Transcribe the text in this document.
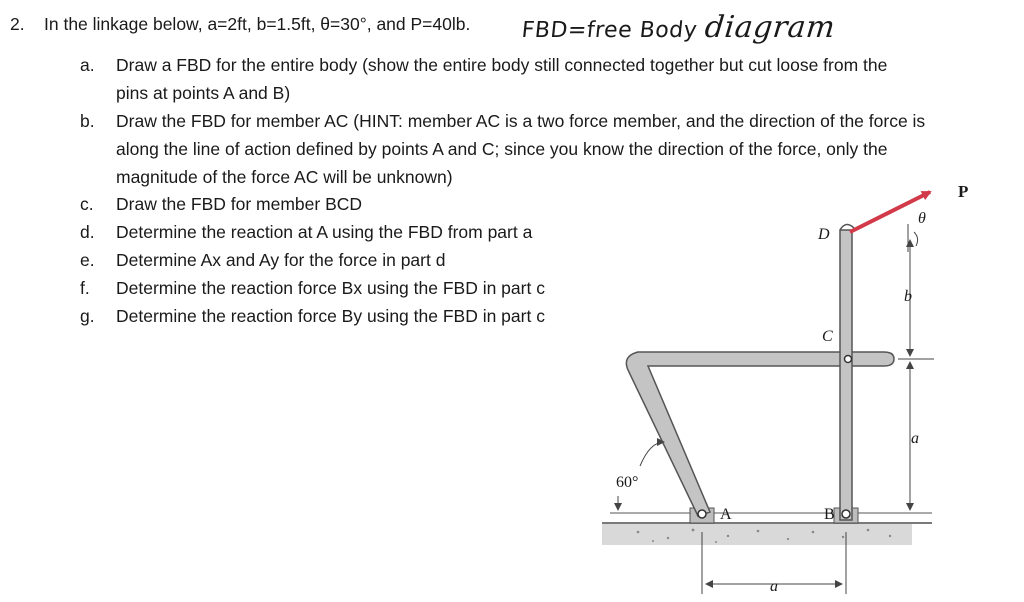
2. In the linkage below, a=2ft, b=1.5ft, θ=30°, and P=40lb. FBD=free Body diagram
a.	Draw a FBD for the entire body (show the entire body still connected together but cut loose from the
pins at points A and B)
b.	Draw the FBD for member AC (HINT: member AC is a two force member, and the direction of the force is
along the line of action defined by points A and C; since you know the direction of the force, only the
magnitude of the force AC will be unknown)
c.	Draw the FBD for member BCD
d.	Determine the reaction at A using the FBD from part a
e.	Determine Ax and Ay for the force in part d
f.	Determine the reaction force Bx using the FBD in part c
g.	Determine the reaction force By using the FBD in part c
P
θ
D
C
b
a
60°
A	B
a
